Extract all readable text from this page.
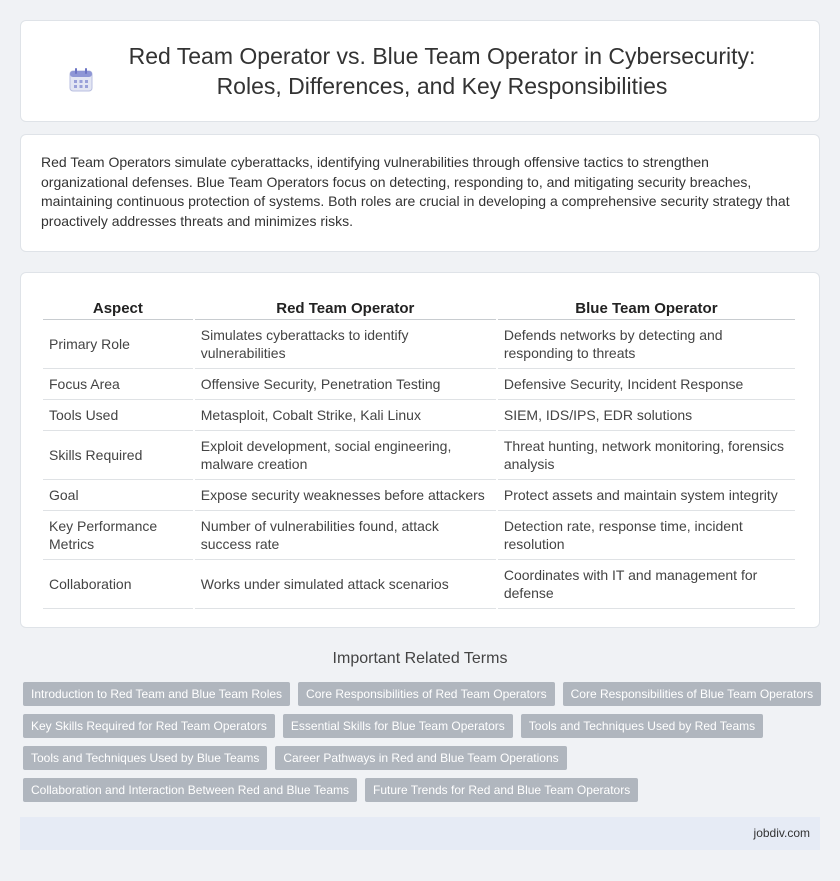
Red Team Operator vs. Blue Team Operator in Cybersecurity: Roles, Differences, and Key Responsibilities

Red Team Operators simulate cyberattacks, identifying vulnerabilities through offensive tactics to strengthen organizational defenses. Blue Team Operators focus on detecting, responding to, and mitigating security breaches, maintaining continuous protection of systems. Both roles are crucial in developing a comprehensive security strategy that proactively addresses threats and minimizes risks.

Aspect	Red Team Operator	Blue Team Operator
Primary Role	Simulates cyberattacks to identify vulnerabilities	Defends networks by detecting and responding to threats
Focus Area	Offensive Security, Penetration Testing	Defensive Security, Incident Response
Tools Used	Metasploit, Cobalt Strike, Kali Linux	SIEM, IDS/IPS, EDR solutions
Skills Required	Exploit development, social engineering, malware creation	Threat hunting, network monitoring, forensics analysis
Goal	Expose security weaknesses before attackers	Protect assets and maintain system integrity
Key Performance Metrics	Number of vulnerabilities found, attack success rate	Detection rate, response time, incident resolution
Collaboration	Works under simulated attack scenarios	Coordinates with IT and management for defense
Important Related Terms
Introduction to Red Team and Blue Team Roles	Core Responsibilities of Red Team Operators	Core Responsibilities of Blue Team Operators
Key Skills Required for Red Team Operators	Essential Skills for Blue Team Operators	Tools and Techniques Used by Red Teams
Tools and Techniques Used by Blue Teams	Career Pathways in Red and Blue Team Operations
Collaboration and Interaction Between Red and Blue Teams	Future Trends for Red and Blue Team Operators
jobdiv.com
